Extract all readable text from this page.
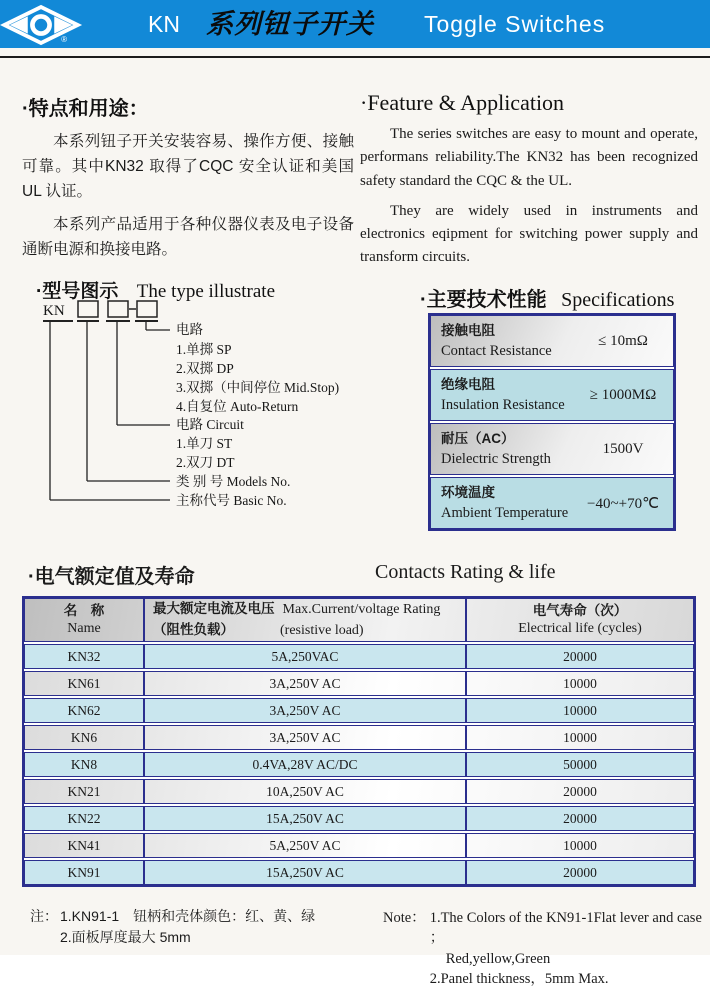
®
KN 系列钮子开关 Toggle Switches
·特点和用途：

本系列钮子开关安装容易、操作方便、接触可靠。其中KN32 取得了CQC 安全认证和美国UL 认证。

本系列产品适用于各种仪器仪表及电子设备通断电源和换接电路。

·Feature & Application

The series switches are easy to mount and operate, performans reliability.The KN32 has been recognized safety standard the CQC & the UL.

They are widely used in instruments and electronics eqipment for switching power supply and transform circuits.

·型号图示 The type illustrate
KN
电路
1.单掷 SP
2.双掷 DP
3.双掷（中间停位 Mid.Stop)
4.自复位 Auto-Return
电路 Circuit
1.单刀 ST
2.双刀 DT
类 别 号 Models No.
主称代号 Basic No.
·主要技术性能 Specifications
接触电阻
Contact Resistance
≤ 10mΩ
绝缘电阻
Insulation Resistance
≥ 1000MΩ
耐压（AC）
Dielectric Strength
1500V
环境温度
Ambient Temperature
−40~+70℃
·电气额定值及寿命	Contacts Rating & life
名　称
Name
最大额定电流及电压 Max.Current/voltage Rating
（阻性负载）	(resistive load)
电气寿命（次）
Electrical life (cycles)
KN32	5A,250VAC	20000
KN61	3A,250V AC	10000
KN62	3A,250V AC	10000
KN6	3A,250V AC	10000
KN8	0.4VA,28V AC/DC	50000
KN21	10A,250V AC	20000
KN22	15A,250V AC	20000
KN41	5A,250V AC	10000
KN91	15A,250V AC	20000
注： 1.KN91-1　钮柄和壳体颜色：红、黄、绿
2.面板厚度最大 5mm
Note： 1.The Colors of the KN91-1Flat lever and case ；
Red,yellow,Green
2.Panel thickness，5mm Max.
